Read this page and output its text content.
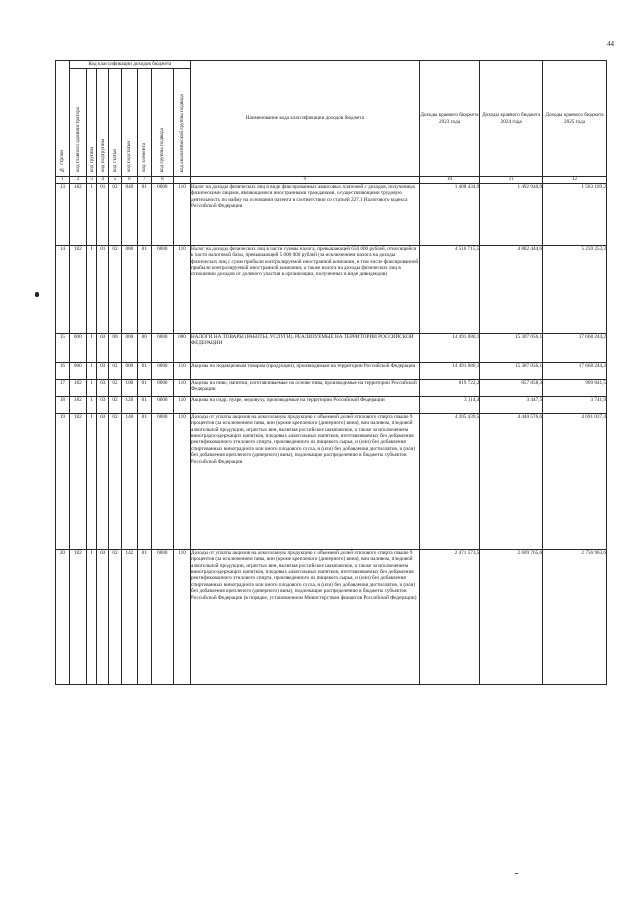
44
№ строки	Код классификации доходов бюджета								Наименование кода классификации доходов бюджета	Доходы краевого бюджета 2023 года	Доходы краевого бюджета 2024 года	Доходы краевого бюджета 2025 года

	код главного администратора	код группы	код подгруппы	код статьи	код подстатьи	код элемента	код группы подвида	код аналитической группы подвида				

1	2	3	4	5	6	7	8		9	10	11	12
13	182	1	01	02	040	01	0000	110	Налог на доходы физических лиц в виде фиксированных авансовых платежей с доходов, полученных физическими лицами, являющимися иностранными гражданами, осуществляющими трудовую деятельность по найму на основании патента в соответствии со статьей 227.1 Налогового кодекса Российской Федерации	1 408 434,9	1 492 940,9	1 563 109,2
14	182	1	01	02	080	01	0000	110	Налог на доходы физических лиц в части суммы налога, превышающей 650 000 рублей, относящейся к части налоговой базы, превышающей 5 000 000 рублей (за исключением налога на доходы физических лиц с сумм прибыли контролируемой иностранной компании, в том числе фиксированной прибыли контролируемой иностранной компании, а также налога на доходы физических лиц в отношении доходов от долевого участия в организации, полученных в виде дивидендов)	4 516 715,5	4 882 444,6	5 259 253,3
15	000	1	03	00	000	00	0000	000	НАЛОГИ НА ТОВАРЫ (РАБОТЫ, УСЛУГИ), РЕАЛИЗУЕМЫЕ НА ТЕРРИТОРИИ РОССИЙСКОЙ ФЕДЕРАЦИИ	14 491 080,1	15 307 056,1	17 668 244,2
16	000	1	03	02	000	01	0000	110	Акцизы по подакцизным товарам (продукции), производимым на территории Российской Федерации	14 491 080,1	15 307 056,1	17 668 244,2
17	182	1	03	02	100	01	0000	110	Акцизы на пиво, напитки, изготавливаемые на основе пива, производимые на территории Российской Федерации	819 722,2	857 858,3	909 841,5
18	182	1	03	02	120	01	0000	110	Акцизы на сидр, пуаре, медовуху, производимые на территории Российской Федерации	3 114,4	3 447,5	3 741,9
19	182	1	03	02	140	01	0000	110	Доходы от уплаты акцизов на алкогольную продукцию с объемной долей этилового спирта свыше 9 процентов (за исключением пива, вин (кроме крепленого (динерного) вина), вин наливом, плодовой алкогольной продукции, игристых вин, включая российское шампанское, а также за исключением виноградосодержащих напитков, плодовых алкогольных напитков, изготавливаемых без добавления ректификованного этилового спирта, произведенного из пищевого сырья, и (или) без добавления спиртованных виноградного или иного плодового сусла, и (или) без добавления дистиллятов, и (или) без добавления крепленого (динерного) вина), подлежащие распределению в бюджеты субъектов Российской Федерации	4 205 439,5	4 440 576,6	4 691 037,4
20	182	1	03	02	142	01	0000	110	Доходы от уплаты акцизов на алкогольную продукцию с объемной долей этилового спирта свыше 9 процентов (за исключением пива, вин (кроме крепленого (динерного) вина), вин наливом, плодовой алкогольной продукции, игристых вин, включая российское шампанское, а также за исключением виноградосодержащих напитков, плодовых алкогольных напитков, изготавливаемых без добавления ректификованного этилового спирта, произведенного из пищевого сырья, и (или) без добавления спиртованных виноградного или иного плодового сусла, и (или) без добавления дистиллятов, и (или) без добавления крепленого (динерного) вина), подлежащие распределению в бюджеты субъектов Российской Федерации (в порядке, установленном Министерством финансов Российской Федерации)	2 471 573,5	2 609 765,6	2 756 963,6
